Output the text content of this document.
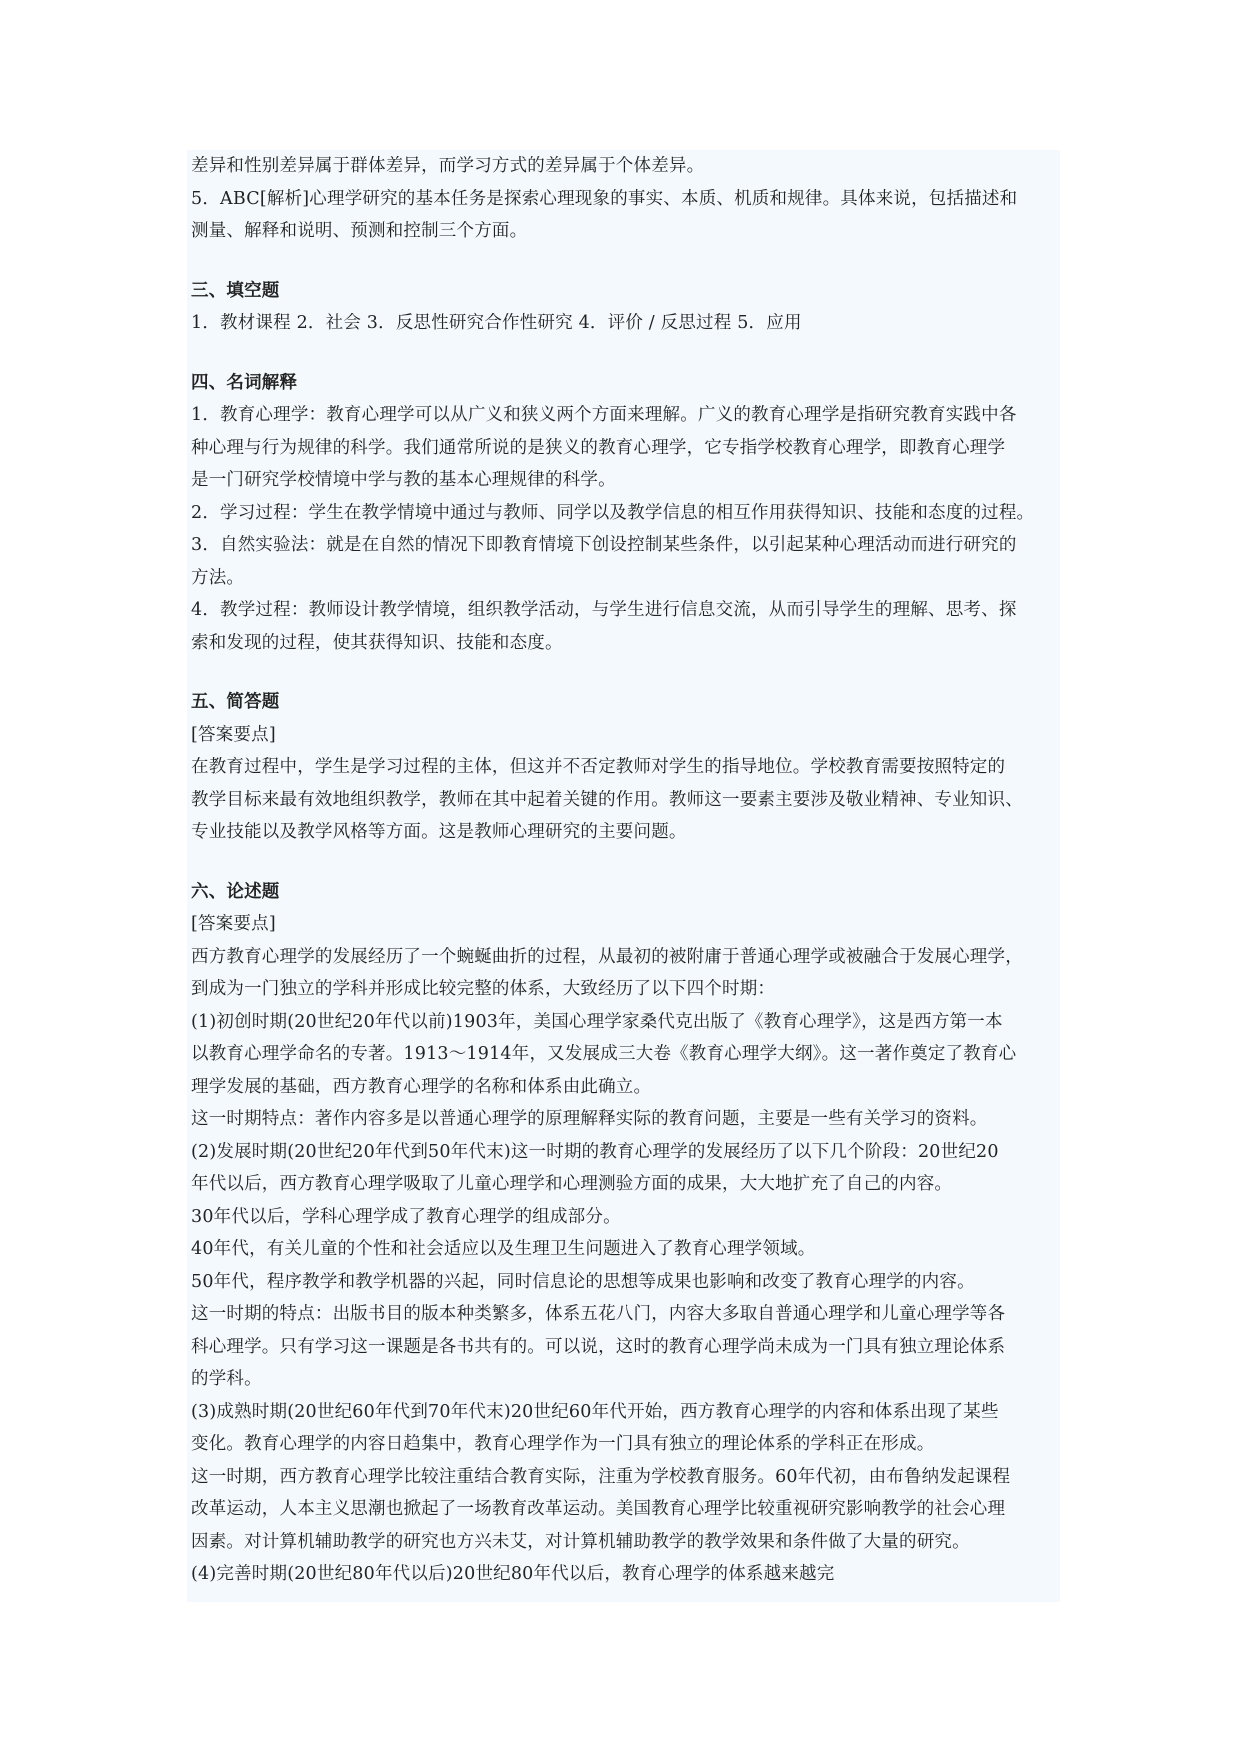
差异和性别差异属于群体差异，而学习方式的差异属于个体差异。
5．ABC[解析]心理学研究的基本任务是探索心理现象的事实、本质、机质和规律。具体来说，包括描述和
测量、解释和说明、预测和控制三个方面。
三、填空题
1．教材课程 2．社会 3．反思性研究合作性研究 4．评价 / 反思过程 5．应用
四、名词解释
1．教育心理学：教育心理学可以从广义和狭义两个方面来理解。广义的教育心理学是指研究教育实践中各
种心理与行为规律的科学。我们通常所说的是狭义的教育心理学，它专指学校教育心理学，即教育心理学
是一门研究学校情境中学与教的基本心理规律的科学。
2．学习过程：学生在教学情境中通过与教师、同学以及教学信息的相互作用获得知识、技能和态度的过程。
3．自然实验法：就是在自然的情况下即教育情境下创设控制某些条件，以引起某种心理活动而进行研究的
方法。
4．教学过程：教师设计教学情境，组织教学活动，与学生进行信息交流，从而引导学生的理解、思考、探
索和发现的过程，使其获得知识、技能和态度。
五、简答题
[答案要点]
在教育过程中，学生是学习过程的主体，但这并不否定教师对学生的指导地位。学校教育需要按照特定的
教学目标来最有效地组织教学，教师在其中起着关键的作用。教师这一要素主要涉及敬业精神、专业知识、
专业技能以及教学风格等方面。这是教师心理研究的主要问题。
六、论述题
[答案要点]
西方教育心理学的发展经历了一个蜿蜒曲折的过程，从最初的被附庸于普通心理学或被融合于发展心理学，
到成为一门独立的学科并形成比较完整的体系，大致经历了以下四个时期：
(1)初创时期(20世纪20年代以前)1903年，美国心理学家桑代克出版了《教育心理学》，这是西方第一本
以教育心理学命名的专著。1913～1914年，又发展成三大卷《教育心理学大纲》。这一著作奠定了教育心
理学发展的基础，西方教育心理学的名称和体系由此确立。
这一时期特点：著作内容多是以普通心理学的原理解释实际的教育问题，主要是一些有关学习的资料。
(2)发展时期(20世纪20年代到50年代末)这一时期的教育心理学的发展经历了以下几个阶段：20世纪20
年代以后，西方教育心理学吸取了儿童心理学和心理测验方面的成果，大大地扩充了自己的内容。
30年代以后，学科心理学成了教育心理学的组成部分。
40年代，有关儿童的个性和社会适应以及生理卫生问题进入了教育心理学领域。
50年代，程序教学和教学机器的兴起，同时信息论的思想等成果也影响和改变了教育心理学的内容。
这一时期的特点：出版书目的版本种类繁多，体系五花八门，内容大多取自普通心理学和儿童心理学等各
科心理学。只有学习这一课题是各书共有的。可以说，这时的教育心理学尚未成为一门具有独立理论体系
的学科。
(3)成熟时期(20世纪60年代到70年代末)20世纪60年代开始，西方教育心理学的内容和体系出现了某些
变化。教育心理学的内容日趋集中，教育心理学作为一门具有独立的理论体系的学科正在形成。
这一时期，西方教育心理学比较注重结合教育实际，注重为学校教育服务。60年代初，由布鲁纳发起课程
改革运动，人本主义思潮也掀起了一场教育改革运动。美国教育心理学比较重视研究影响教学的社会心理
因素。对计算机辅助教学的研究也方兴未艾，对计算机辅助教学的教学效果和条件做了大量的研究。
(4)完善时期(20世纪80年代以后)20世纪80年代以后，教育心理学的体系越来越完
